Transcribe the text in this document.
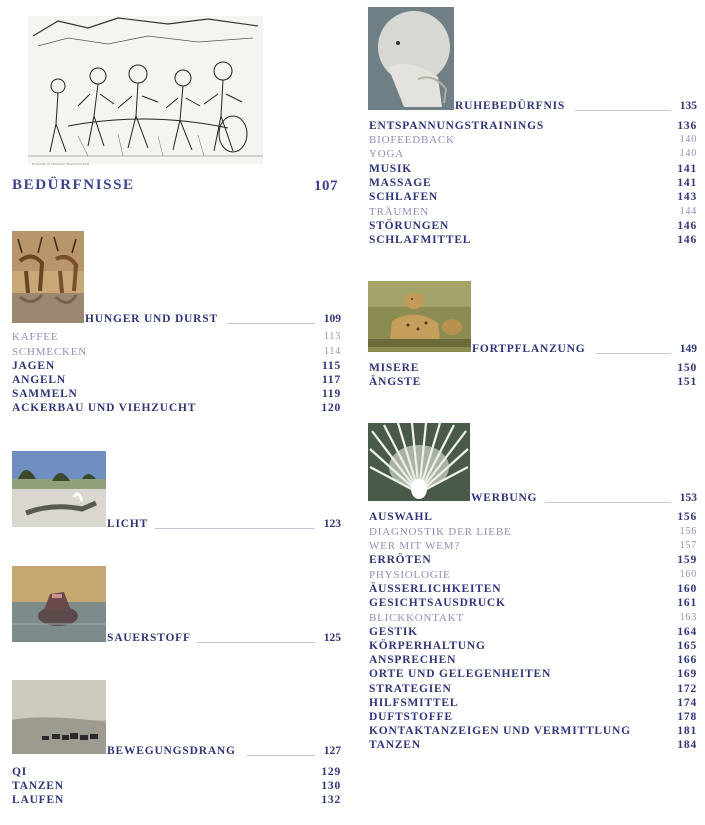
Holzschnitt 16. Jahrhundert, Bauern beim Mahl
BEDÜRFNISSE	107
HUNGER UND DURST	109
KAFFEE	113
SCHMECKEN	114
JAGEN	115
ANGELN	117
SAMMELN	119
ACKERBAU UND VIEHZUCHT	120
LICHT	123
SAUERSTOFF	125
BEWEGUNGSDRANG	127
QI	129
TANZEN	130
LAUFEN	132
RUHEBEDÜRFNIS	135
ENTSPANNUNGSTRAININGS	136
BIOFEEDBACK	140
YOGA	140
MUSIK	141
MASSAGE	141
SCHLAFEN	143
TRÄUMEN	144
STÖRUNGEN	146
SCHLAFMITTEL	146
FORTPFLANZUNG	149
MISERE	150
ÄNGSTE	151
WERBUNG	153
AUSWAHL	156
DIAGNOSTIK DER LIEBE	156
WER MIT WEM?	157
ERRÖTEN	159
PHYSIOLOGIE	160
ÄUSSERLICHKEITEN	160
GESICHTSAUSDRUCK	161
BLICKKONTAKT	163
GESTIK	164
KÖRPERHALTUNG	165
ANSPRECHEN	166
ORTE UND GELEGENHEITEN	169
STRATEGIEN	172
HILFSMITTEL	174
DUFTSTOFFE	178
KONTAKTANZEIGEN UND VERMITTLUNG	181
TANZEN	184
